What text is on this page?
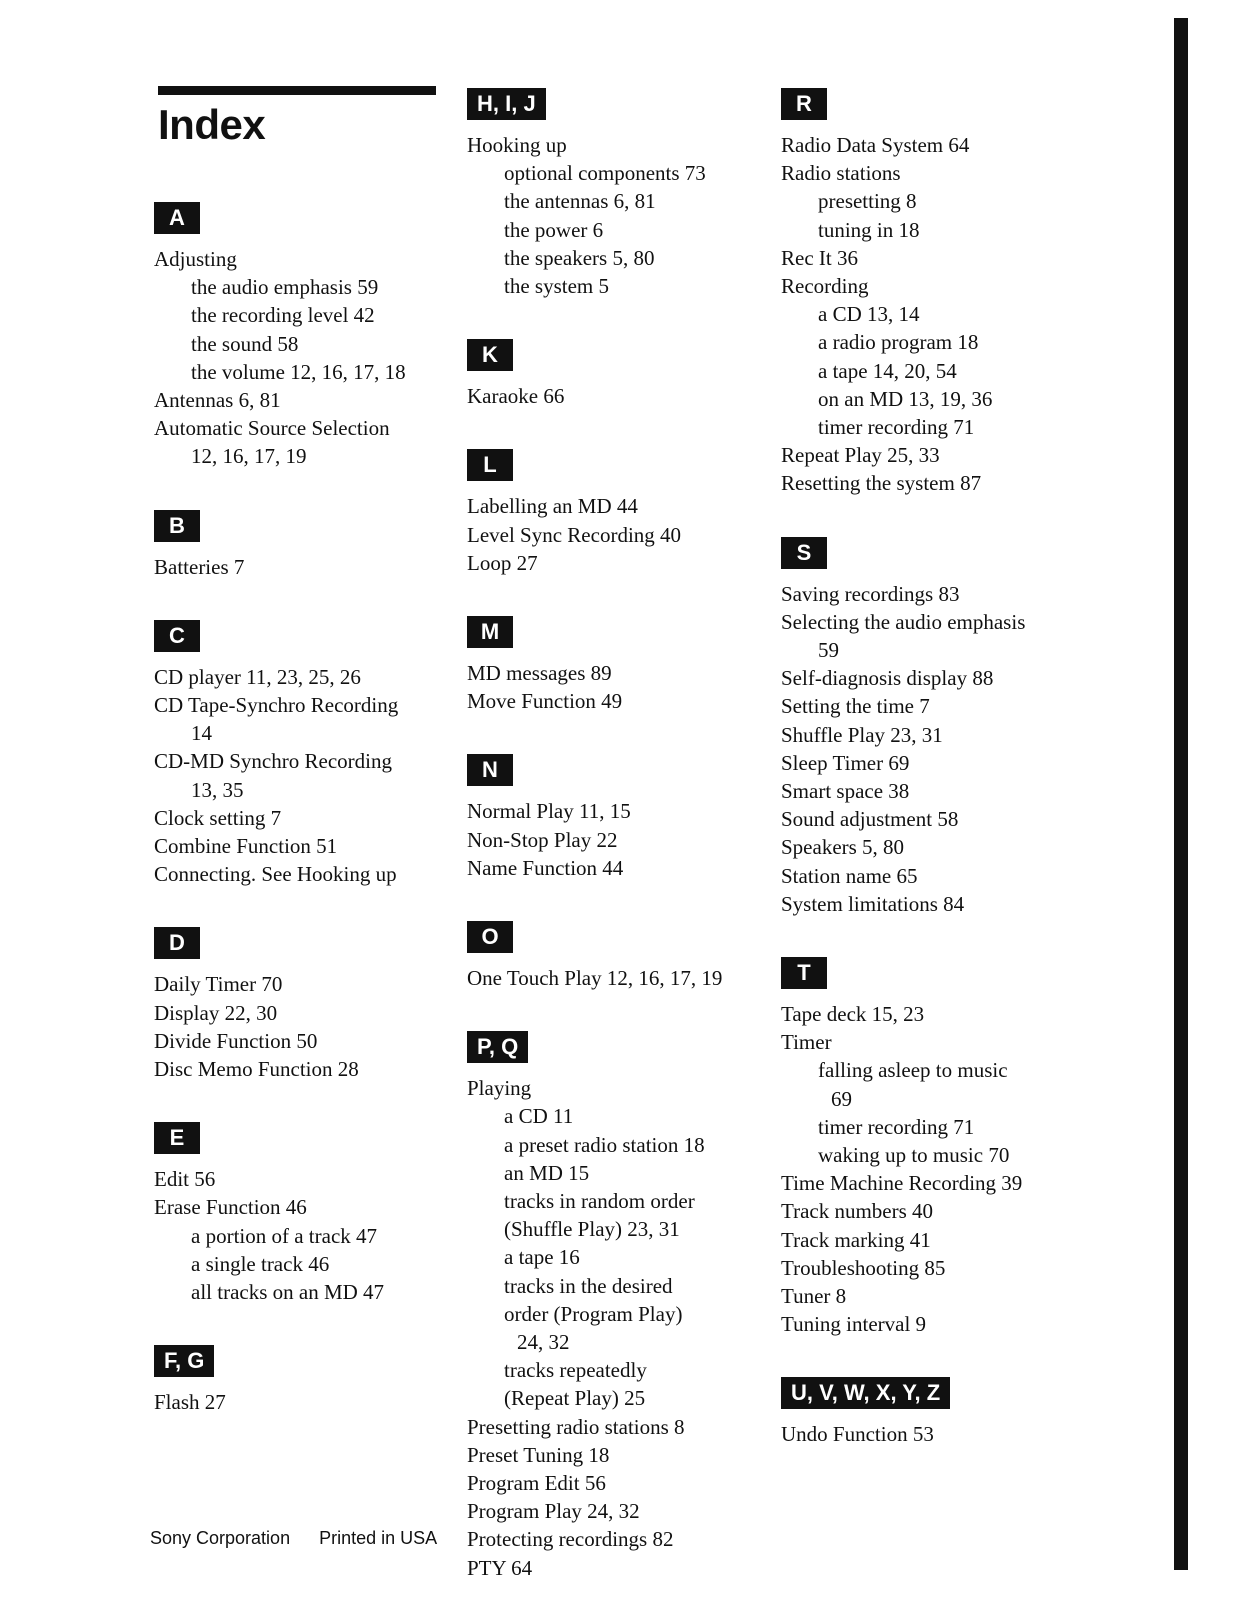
Index
A
Adjusting
the audio emphasis 59
the recording level 42
the sound 58
the volume 12, 16, 17, 18
Antennas 6, 81
Automatic Source Selection
12, 16, 17, 19
B
Batteries 7
C
CD player 11, 23, 25, 26
CD Tape-Synchro Recording
14
CD-MD Synchro Recording
13, 35
Clock setting 7
Combine Function 51
Connecting. See Hooking up
D
Daily Timer 70
Display 22, 30
Divide Function 50
Disc Memo Function 28
E
Edit 56
Erase Function 46
a portion of a track 47
a single track 46
all tracks on an MD 47
F, G
Flash 27
H, I, J
Hooking up
optional components 73
the antennas 6, 81
the power 6
the speakers 5, 80
the system 5
K
Karaoke 66
L
Labelling an MD 44
Level Sync Recording 40
Loop 27
M
MD messages 89
Move Function 49
N
Normal Play 11, 15
Non-Stop Play 22
Name Function 44
O
One Touch Play 12, 16, 17, 19
P, Q
Playing
a CD 11
a preset radio station 18
an MD 15
tracks in random order
(Shuffle Play) 23, 31
a tape 16
tracks in the desired
order (Program Play)
24, 32
tracks repeatedly
(Repeat Play) 25
Presetting radio stations 8
Preset Tuning 18
Program Edit 56
Program Play 24, 32
Protecting recordings 82
PTY 64
R
Radio Data System 64
Radio stations
presetting 8
tuning in 18
Rec It 36
Recording
a CD 13, 14
a radio program 18
a tape 14, 20, 54
on an MD 13, 19, 36
timer recording 71
Repeat Play 25, 33
Resetting the system 87
S
Saving recordings 83
Selecting the audio emphasis
59
Self-diagnosis display 88
Setting the time 7
Shuffle Play 23, 31
Sleep Timer 69
Smart space 38
Sound adjustment 58
Speakers 5, 80
Station name 65
System limitations 84
T
Tape deck 15, 23
Timer
falling asleep to music
69
timer recording 71
waking up to music 70
Time Machine Recording 39
Track numbers 40
Track marking 41
Troubleshooting 85
Tuner 8
Tuning interval 9
U, V, W, X, Y, Z
Undo Function 53
Sony Corporation Printed in USA
